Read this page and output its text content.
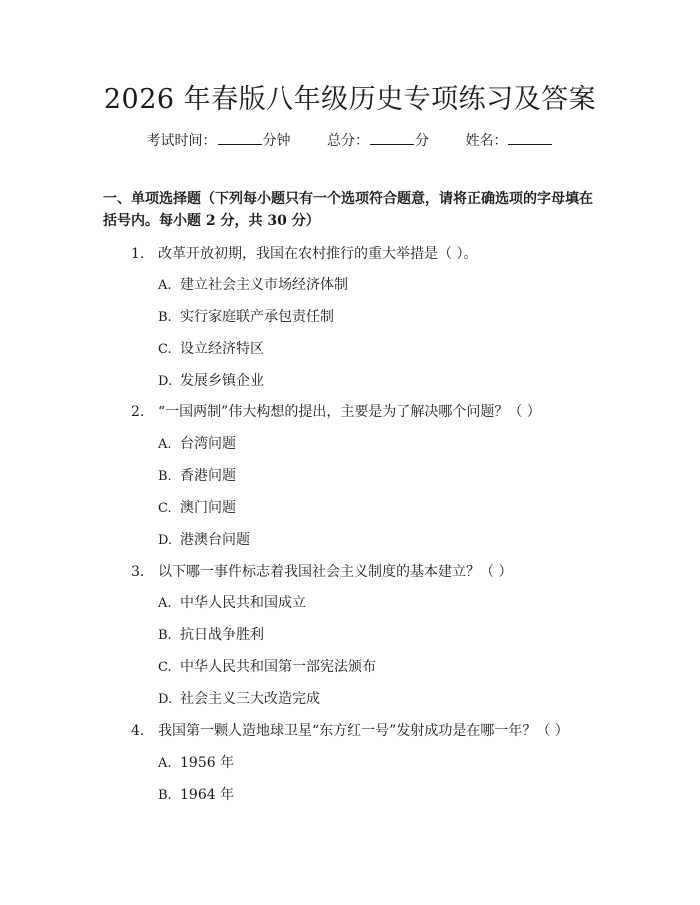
2026 年春版八年级历史专项练习及答案
考试时间：	分钟	总分：	分	姓名：
一、单项选择题（下列每小题只有一个选项符合题意，请将正确选项的字母填在括号内。每小题 2 分，共 30 分）
1. 改革开放初期，我国在农村推行的重大举措是（ ）。
A. 建立社会主义市场经济体制
B. 实行家庭联产承包责任制
C. 设立经济特区
D. 发展乡镇企业
2. “一国两制”伟大构想的提出，主要是为了解决哪个问题？（ ）
A. 台湾问题
B. 香港问题
C. 澳门问题
D. 港澳台问题
3. 以下哪一事件标志着我国社会主义制度的基本建立？（ ）
A. 中华人民共和国成立
B. 抗日战争胜利
C. 中华人民共和国第一部宪法颁布
D. 社会主义三大改造完成
4. 我国第一颗人造地球卫星“东方红一号”发射成功是在哪一年？（ ）
A. 1956 年
B. 1964 年
